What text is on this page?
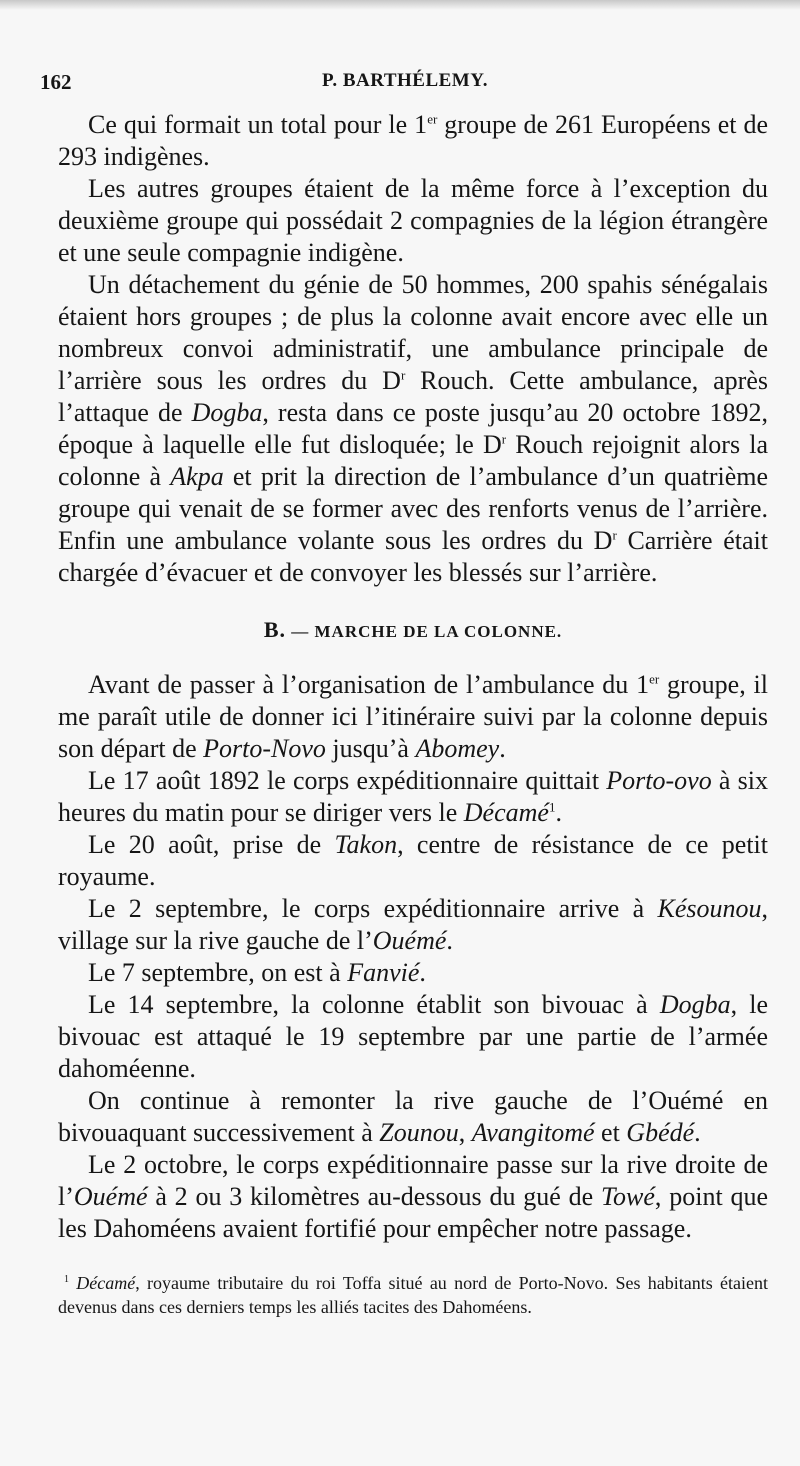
162	P. BARTHÉLEMY.

Ce qui formait un total pour le 1er groupe de 261 Européens et de 293 indigènes.

Les autres groupes étaient de la même force à l’exception du deuxième groupe qui possédait 2 compagnies de la légion étrangère et une seule compagnie indigène.

Un détachement du génie de 50 hommes, 200 spahis sénégalais étaient hors groupes ; de plus la colonne avait encore avec elle un nombreux convoi administratif, une ambulance principale de l’arrière sous les ordres du $D^r$ Rouch. Cette ambulance, après l’attaque de Dogba, resta dans ce poste jusqu’au 20 octobre 1892, époque à laquelle elle fut disloquée; le $D^r$ Rouch rejoignit alors la colonne à Akpa et prit la direction de l’ambulance d’un quatrième groupe qui venait de se former avec des renforts venus de l’arrière. Enfin une ambulance volante sous les ordres du $D^r$ Carrière était chargée d’évacuer et de convoyer les blessés sur l’arrière.

B. — MARCHE DE LA COLONNE.

Avant de passer à l’organisation de l’ambulance du 1er groupe, il me paraît utile de donner ici l’itinéraire suivi par la colonne depuis son départ de Porto-Novo jusqu’à Abomey.

Le 17 août 1892 le corps expéditionnaire quittait Porto-ovo à six heures du matin pour se diriger vers le Décamé$^1$.

Le 20 août, prise de Takon, centre de résistance de ce petit royaume.

Le 2 septembre, le corps expéditionnaire arrive à Késounou, village sur la rive gauche de l’Ouémé.

Le 7 septembre, on est à Fanvié.

Le 14 septembre, la colonne établit son bivouac à Dogba, le bivouac est attaqué le 19 septembre par une partie de l’armée dahoméenne.

On continue à remonter la rive gauche de l’Ouémé en bivouaquant successivement à Zounou, Avangitomé et Gbédé.

Le 2 octobre, le corps expéditionnaire passe sur la rive droite de l’Ouémé à 2 ou 3 kilomètres au-dessous du gué de Towé, point que les Dahoméens avaient fortifié pour empêcher notre passage.

$^1$ Décamé, royaume tributaire du roi Toffa situé au nord de Porto-Novo. Ses habitants étaient devenus dans ces derniers temps les alliés tacites des Dahoméens.
